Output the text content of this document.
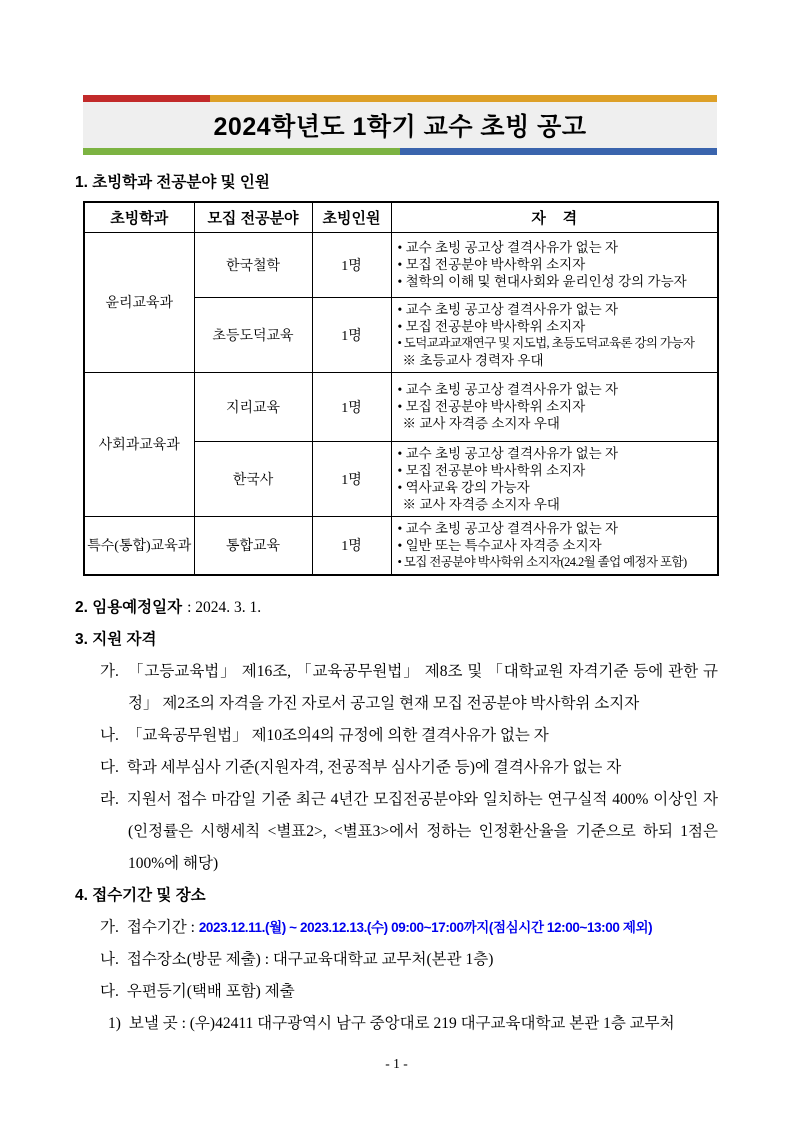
2024학년도 1학기 교수 초빙 공고
1. 초빙학과 전공분야 및 인원
초빙학과	모집 전공분야	초빙인원	자    격
윤리교육과	한국철학	1명	• 교수 초빙 공고상 결격사유가 없는 자
• 모집 전공분야 박사학위 소지자
• 철학의 이해 및 현대사회와 윤리인성 강의 가능자

	초등도덕교육	1명	• 교수 초빙 공고상 결격사유가 없는 자
• 모집 전공분야 박사학위 소지자
• 도덕교과교재연구 및 지도법, 초등도덕교육론 강의 가능자
※ 초등교사 경력자 우대

사회과교육과	지리교육	1명	• 교수 초빙 공고상 결격사유가 없는 자
• 모집 전공분야 박사학위 소지자
※ 교사 자격증 소지자 우대

	한국사	1명	• 교수 초빙 공고상 결격사유가 없는 자
• 모집 전공분야 박사학위 소지자
• 역사교육 강의 가능자
※ 교사 자격증 소지자 우대

특수(통합)교육과	통합교육	1명	• 교수 초빙 공고상 결격사유가 없는 자
• 일반 또는 특수교사 자격증 소지자
• 모집 전공분야 박사학위 소지자(24.2월 졸업 예정자 포함)
2. 임용예정일자 : 2024. 3. 1.
3. 지원 자격

가. 「고등교육법」 제16조, 「교육공무원법」 제8조 및 「대학교원 자격기준 등에 관한 규정」 제2조의 자격을 가진 자로서 공고일 현재 모집 전공분야 박사학위 소지자

나. 「교육공무원법」 제10조의4의 규정에 의한 결격사유가 없는 자

다. 학과 세부심사 기준(지원자격, 전공적부 심사기준 등)에 결격사유가 없는 자

라. 지원서 접수 마감일 기준 최근 4년간 모집전공분야와 일치하는 연구실적 400% 이상인 자(인정률은 시행세칙 <별표2>, <별표3>에서 정하는 인정환산율을 기준으로 하되 1점은 100%에 해당)

4. 접수기간 및 장소

가. 접수기간 : 2023.12.11.(월) ~ 2023.12.13.(수) 09:00~17:00까지(점심시간 12:00~13:00 제외)

나. 접수장소(방문 제출) : 대구교육대학교 교무처(본관 1층)

다. 우편등기(택배 포함) 제출

1) 보낼 곳 : (우)42411 대구광역시 남구 중앙대로 219 대구교육대학교 본관 1층 교무처

- 1 -
